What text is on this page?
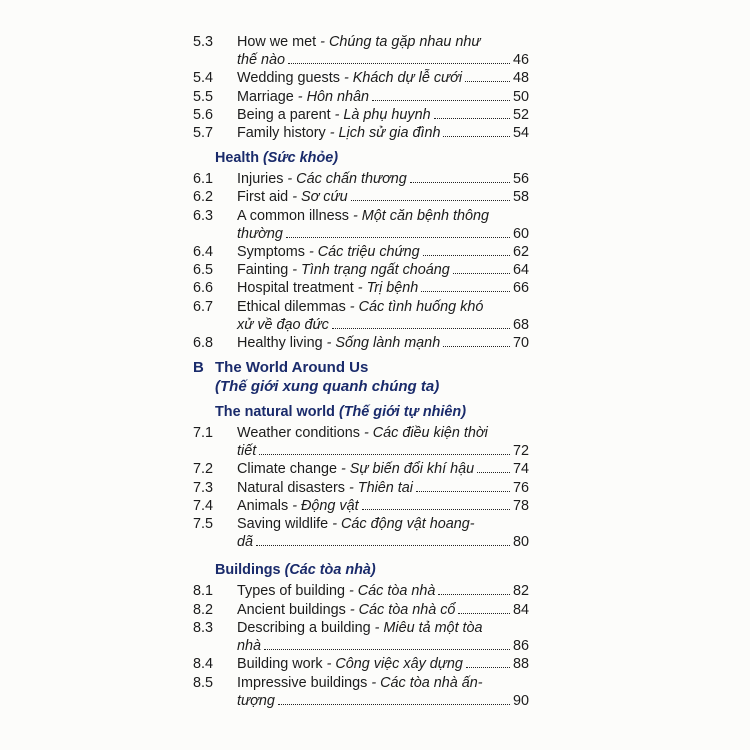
5.3	How we met - Chúng ta gặp nhau như
thế nào	46
5.4	Wedding guests - Khách dự lễ cưới	48
5.5	Marriage - Hôn nhân	50
5.6	Being a parent - Là phụ huynh	52
5.7	Family history - Lịch sử gia đình	54
Health (Sức khỏe)
6.1	Injuries - Các chấn thương	56
6.2	First aid - Sơ cứu	58
6.3	A common illness - Một căn bệnh thông
thường	60
6.4	Symptoms - Các triệu chứng	62
6.5	Fainting - Tình trạng ngất choáng	64
6.6	Hospital treatment - Trị bệnh	66
6.7	Ethical dilemmas - Các tình huống khó
xử về đạo đức	68
6.8	Healthy living - Sống lành mạnh	70
B The World Around Us
(Thế giới xung quanh chúng ta)
The natural world (Thế giới tự nhiên)
7.1	Weather conditions - Các điều kiện thời
tiết	72
7.2	Climate change - Sự biến đổi khí hậu	74
7.3	Natural disasters - Thiên tai	76
7.4	Animals - Động vật	78
7.5	Saving wildlife - Các động vật hoang-
dã	80
Buildings (Các tòa nhà)
8.1	Types of building - Các tòa nhà	82
8.2	Ancient buildings - Các tòa nhà cổ	84
8.3	Describing a building - Miêu tả một tòa
nhà	86
8.4	Building work - Công việc xây dựng	88
8.5	Impressive buildings - Các tòa nhà ấn-
tượng	90
